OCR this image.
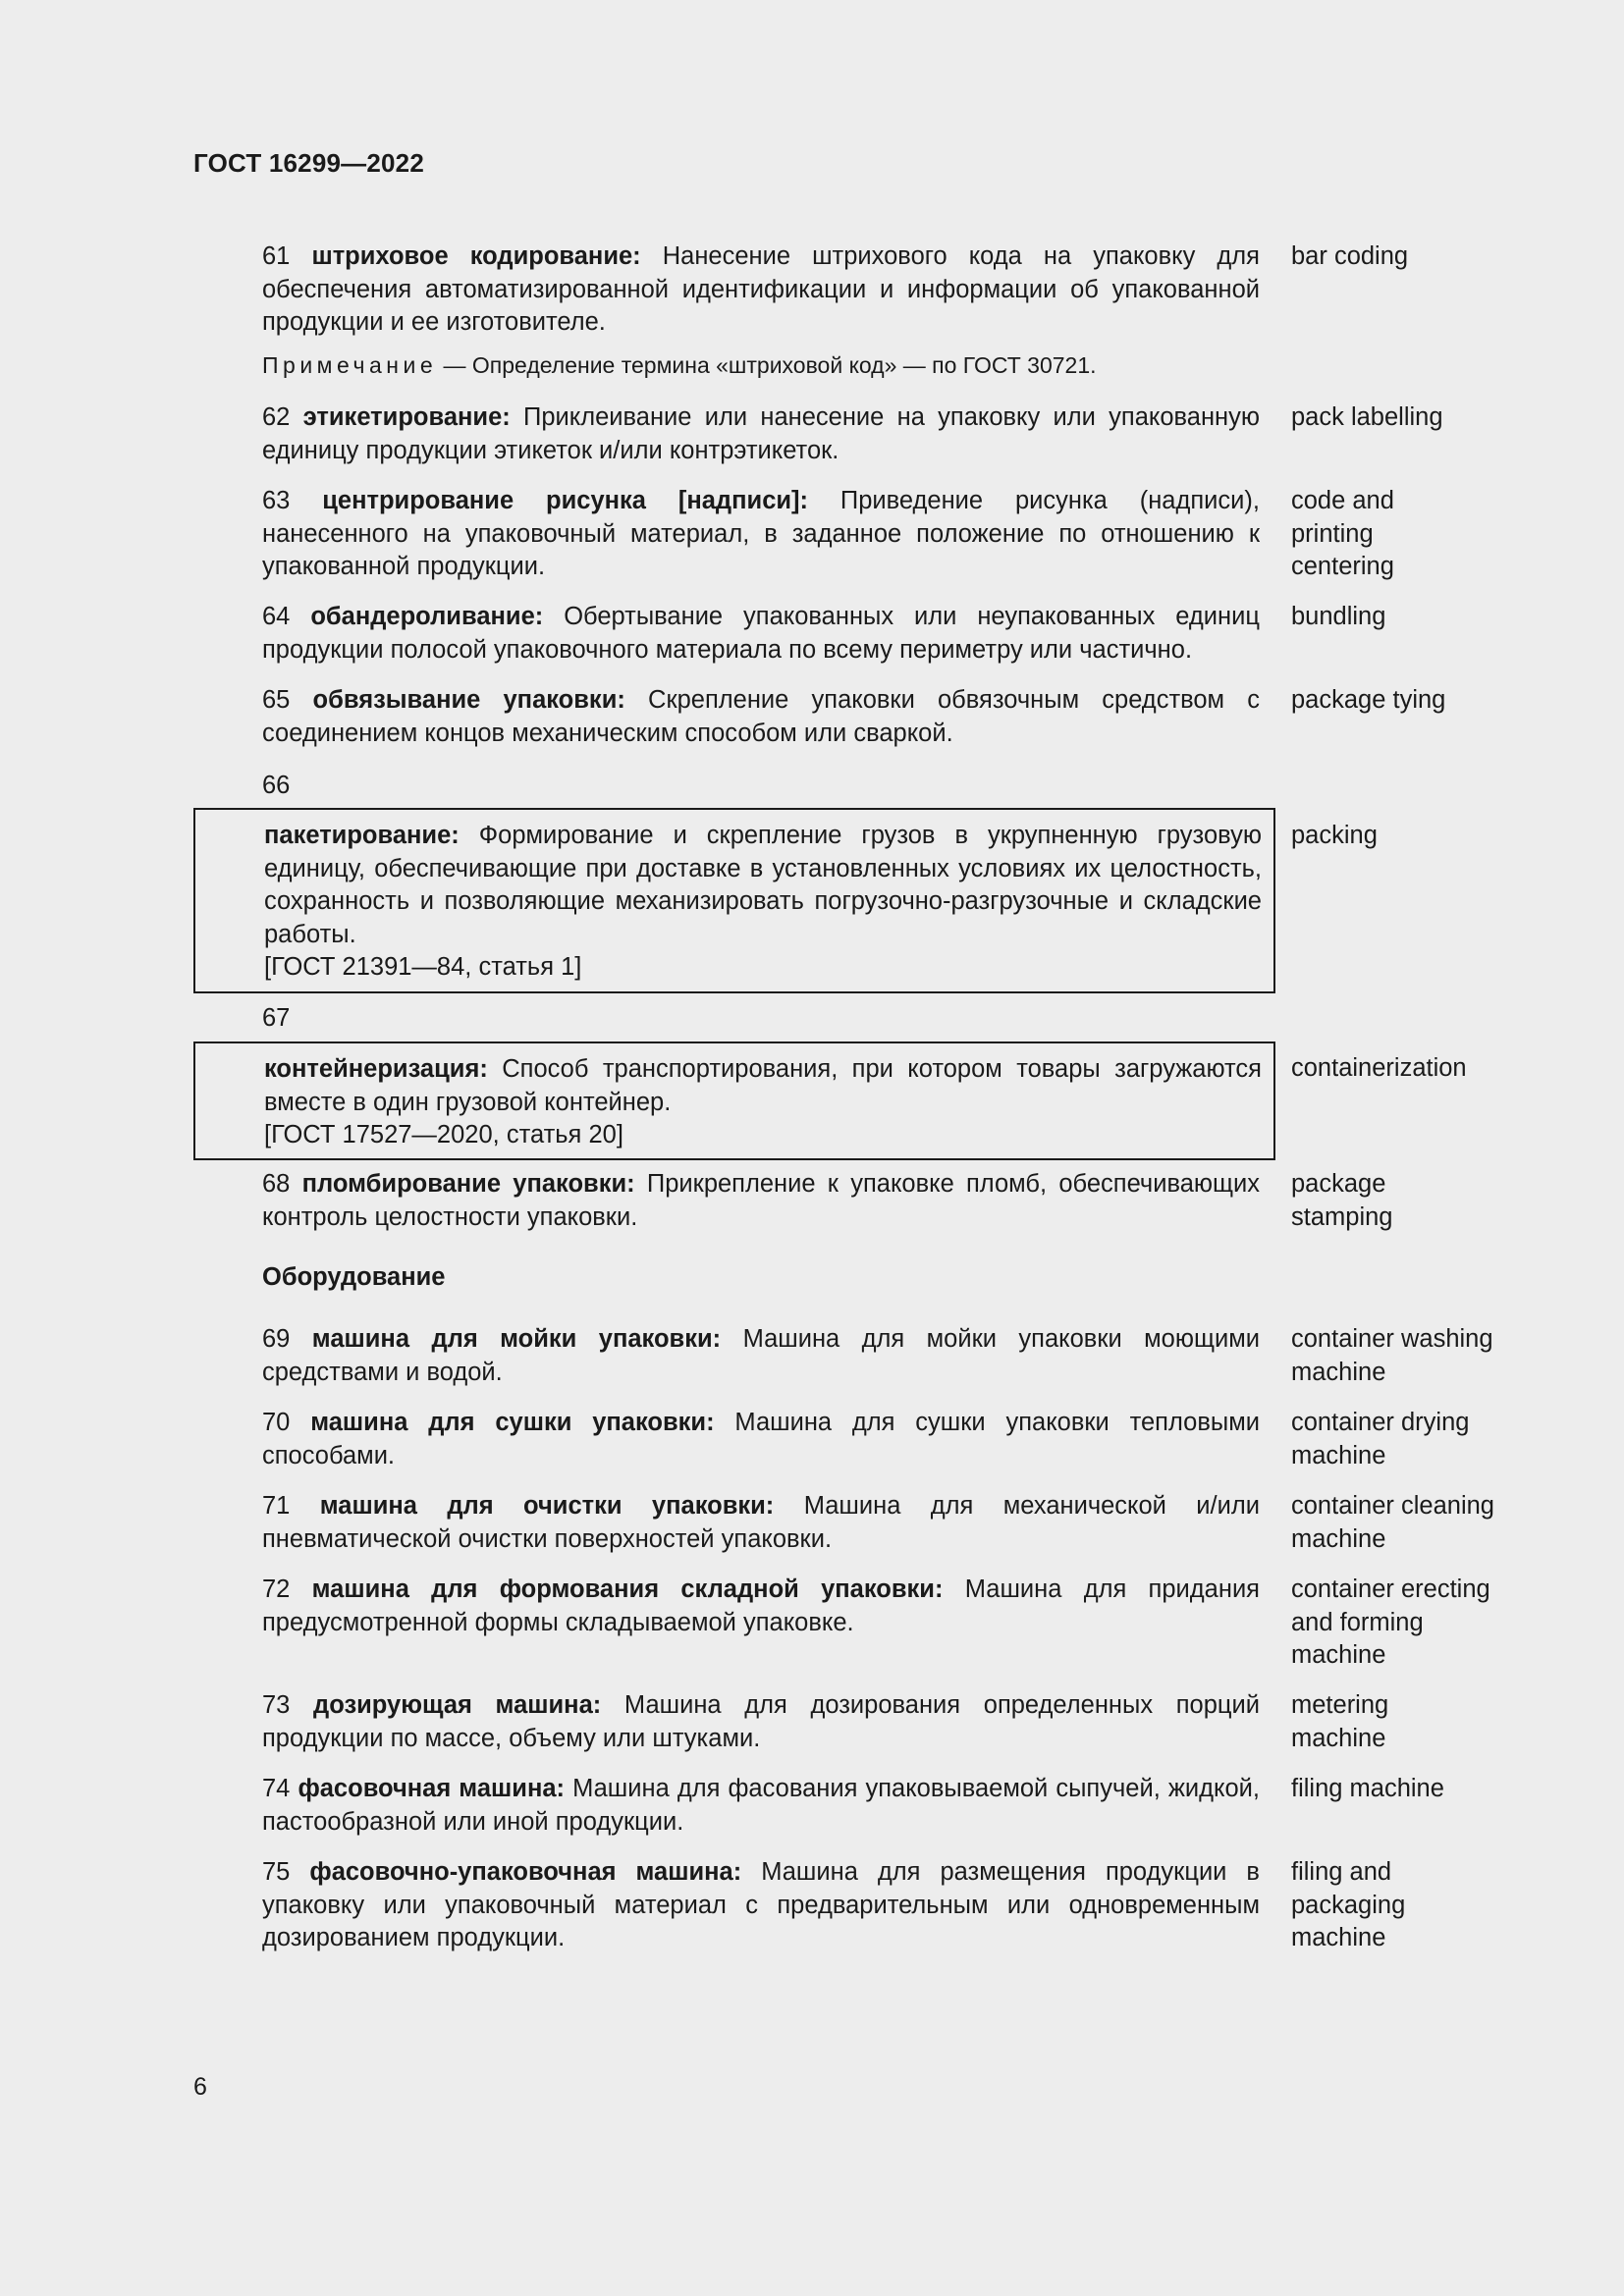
ГОСТ 16299—2022
61 штриховое кодирование: Нанесение штрихового кода на упаковку для обеспечения автоматизированной идентификации и информации об упакованной продукции и ее изготовителе.
bar coding
Примечание — Определение термина «штриховой код» — по ГОСТ 30721.
62 этикетирование: Приклеивание или нанесение на упаковку или упакованную единицу продукции этикеток и/или контрэтикеток.
pack labelling
63 центрирование рисунка [надписи]: Приведение рисунка (надписи), нанесенного на упаковочный материал, в заданное положение по отношению к упакованной продукции.
code and printing centering
64 обандероливание: Обертывание упакованных или неупакованных единиц продукции полосой упаковочного материала по всему периметру или частично.
bundling
65 обвязывание упаковки: Скрепление упаковки обвязочным средством с соединением концов механическим способом или сваркой.
package tying
66
пакетирование: Формирование и скрепление грузов в укрупненную грузовую единицу, обеспечивающие при доставке в установленных условиях их целостность, сохранность и позволяющие механизировать погрузочно-разгрузочные и складские работы.
[ГОСТ 21391—84, статья 1]
packing
67
контейнеризация: Способ транспортирования, при котором товары загружаются вместе в один грузовой контейнер.
[ГОСТ 17527—2020, статья 20]
containerization
68 пломбирование упаковки: Прикрепление к упаковке пломб, обеспечивающих контроль целостности упаковки.
package stamping
Оборудование
69 машина для мойки упаковки: Машина для мойки упаковки моющими средствами и водой.
container washing machine
70 машина для сушки упаковки: Машина для сушки упаковки тепловыми способами.
container drying machine
71 машина для очистки упаковки: Машина для механической и/или пневматической очистки поверхностей упаковки.
container cleaning machine
72 машина для формования складной упаковки: Машина для придания предусмотренной формы складываемой упаковке.
container erecting and forming machine
73 дозирующая машина: Машина для дозирования определенных порций продукции по массе, объему или штуками.
metering machine
74 фасовочная машина: Машина для фасования упаковываемой сыпучей, жидкой, пастообразной или иной продукции.
filing machine
75 фасовочно-упаковочная машина: Машина для размещения продукции в упаковку или упаковочный материал с предварительным или одновременным дозированием продукции.
filing and packaging machine
6
